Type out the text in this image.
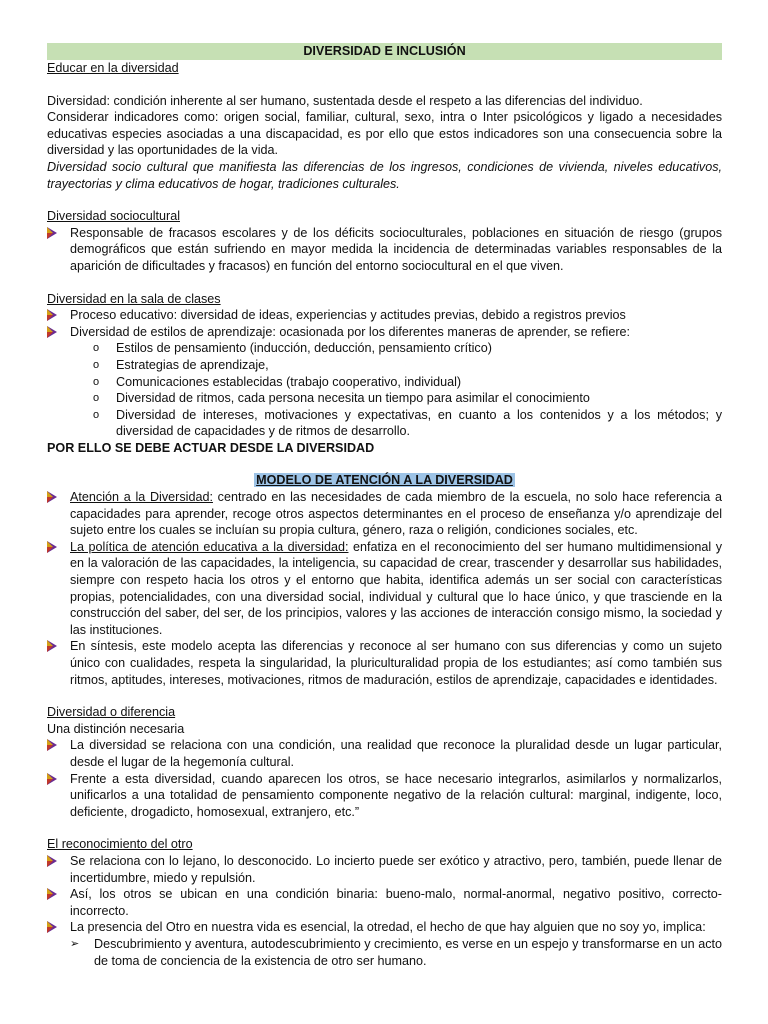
DIVERSIDAD E INCLUSIÓN
Educar en la diversidad

Diversidad: condición inherente al ser humano, sustentada desde el respeto a las diferencias del individuo.

Considerar indicadores como: origen social, familiar, cultural, sexo, intra o Inter psicológicos y ligado a necesidades educativas especies asociadas a una discapacidad, es por ello que estos indicadores son una consecuencia sobre la diversidad y las oportunidades de la vida.

Diversidad socio cultural que manifiesta las diferencias de los ingresos, condiciones de vivienda, niveles educativos, trayectorias y clima educativos de hogar, tradiciones culturales.

Diversidad sociocultural
Responsable de fracasos escolares y de los déficits socioculturales, poblaciones en situación de riesgo (grupos demográficos que están sufriendo en mayor medida la incidencia de determinadas variables responsables de la aparición de dificultades y fracasos) en función del entorno sociocultural en el que viven.
Diversidad en la sala de clases
Proceso educativo: diversidad de ideas, experiencias y actitudes previas, debido a registros previos
Diversidad de estilos de aprendizaje: ocasionada por los diferentes maneras de aprender, se refiere:
o Estilos de pensamiento (inducción, deducción, pensamiento crítico)
o Estrategias de aprendizaje,
o Comunicaciones establecidas (trabajo cooperativo, individual)
o Diversidad de ritmos, cada persona necesita un tiempo para asimilar el conocimiento
o Diversidad de intereses, motivaciones y expectativas, en cuanto a los contenidos y a los métodos; y diversidad de capacidades y de ritmos de desarrollo.
POR ELLO SE DEBE ACTUAR DESDE LA DIVERSIDAD
MODELO DE ATENCIÓN A LA DIVERSIDAD
Atención a la Diversidad: centrado en las necesidades de cada miembro de la escuela, no solo hace referencia a capacidades para aprender, recoge otros aspectos determinantes en el proceso de enseñanza y/o aprendizaje del sujeto entre los cuales se incluían su propia cultura, género, raza o religión, condiciones sociales, etc.
La política de atención educativa a la diversidad: enfatiza en el reconocimiento del ser humano multidimensional y en la valoración de las capacidades, la inteligencia, su capacidad de crear, trascender y desarrollar sus habilidades, siempre con respeto hacia los otros y el entorno que habita, identifica además un ser social con características propias, potencialidades, con una diversidad social, individual y cultural que lo hace único, y que trasciende en la construcción del saber, del ser, de los principios, valores y las acciones de interacción consigo mismo, la sociedad y las instituciones.
En síntesis, este modelo acepta las diferencias y reconoce al ser humano con sus diferencias y como un sujeto único con cualidades, respeta la singularidad, la pluriculturalidad propia de los estudiantes; así como también sus ritmos, aptitudes, intereses, motivaciones, ritmos de maduración, estilos de aprendizaje, capacidades e identidades.
Diversidad o diferencia
Una distinción necesaria
La diversidad se relaciona con una condición, una realidad que reconoce la pluralidad desde un lugar particular, desde el lugar de la hegemonía cultural.
Frente a esta diversidad, cuando aparecen los otros, se hace necesario integrarlos, asimilarlos y normalizarlos, unificarlos a una totalidad de pensamiento componente negativo de la relación cultural: marginal, indigente, loco, deficiente, drogadicto, homosexual, extranjero, etc.”
El reconocimiento del otro
Se relaciona con lo lejano, lo desconocido. Lo incierto puede ser exótico y atractivo, pero, también, puede llenar de incertidumbre, miedo y repulsión.
Así, los otros se ubican en una condición binaria: bueno-malo, normal-anormal, negativo positivo, correcto-incorrecto.
La presencia del Otro en nuestra vida es esencial, la otredad, el hecho de que hay alguien que no soy yo, implica:
➢ Descubrimiento y aventura, autodescubrimiento y crecimiento, es verse en un espejo y transformarse en un acto de toma de conciencia de la existencia de otro ser humano.
